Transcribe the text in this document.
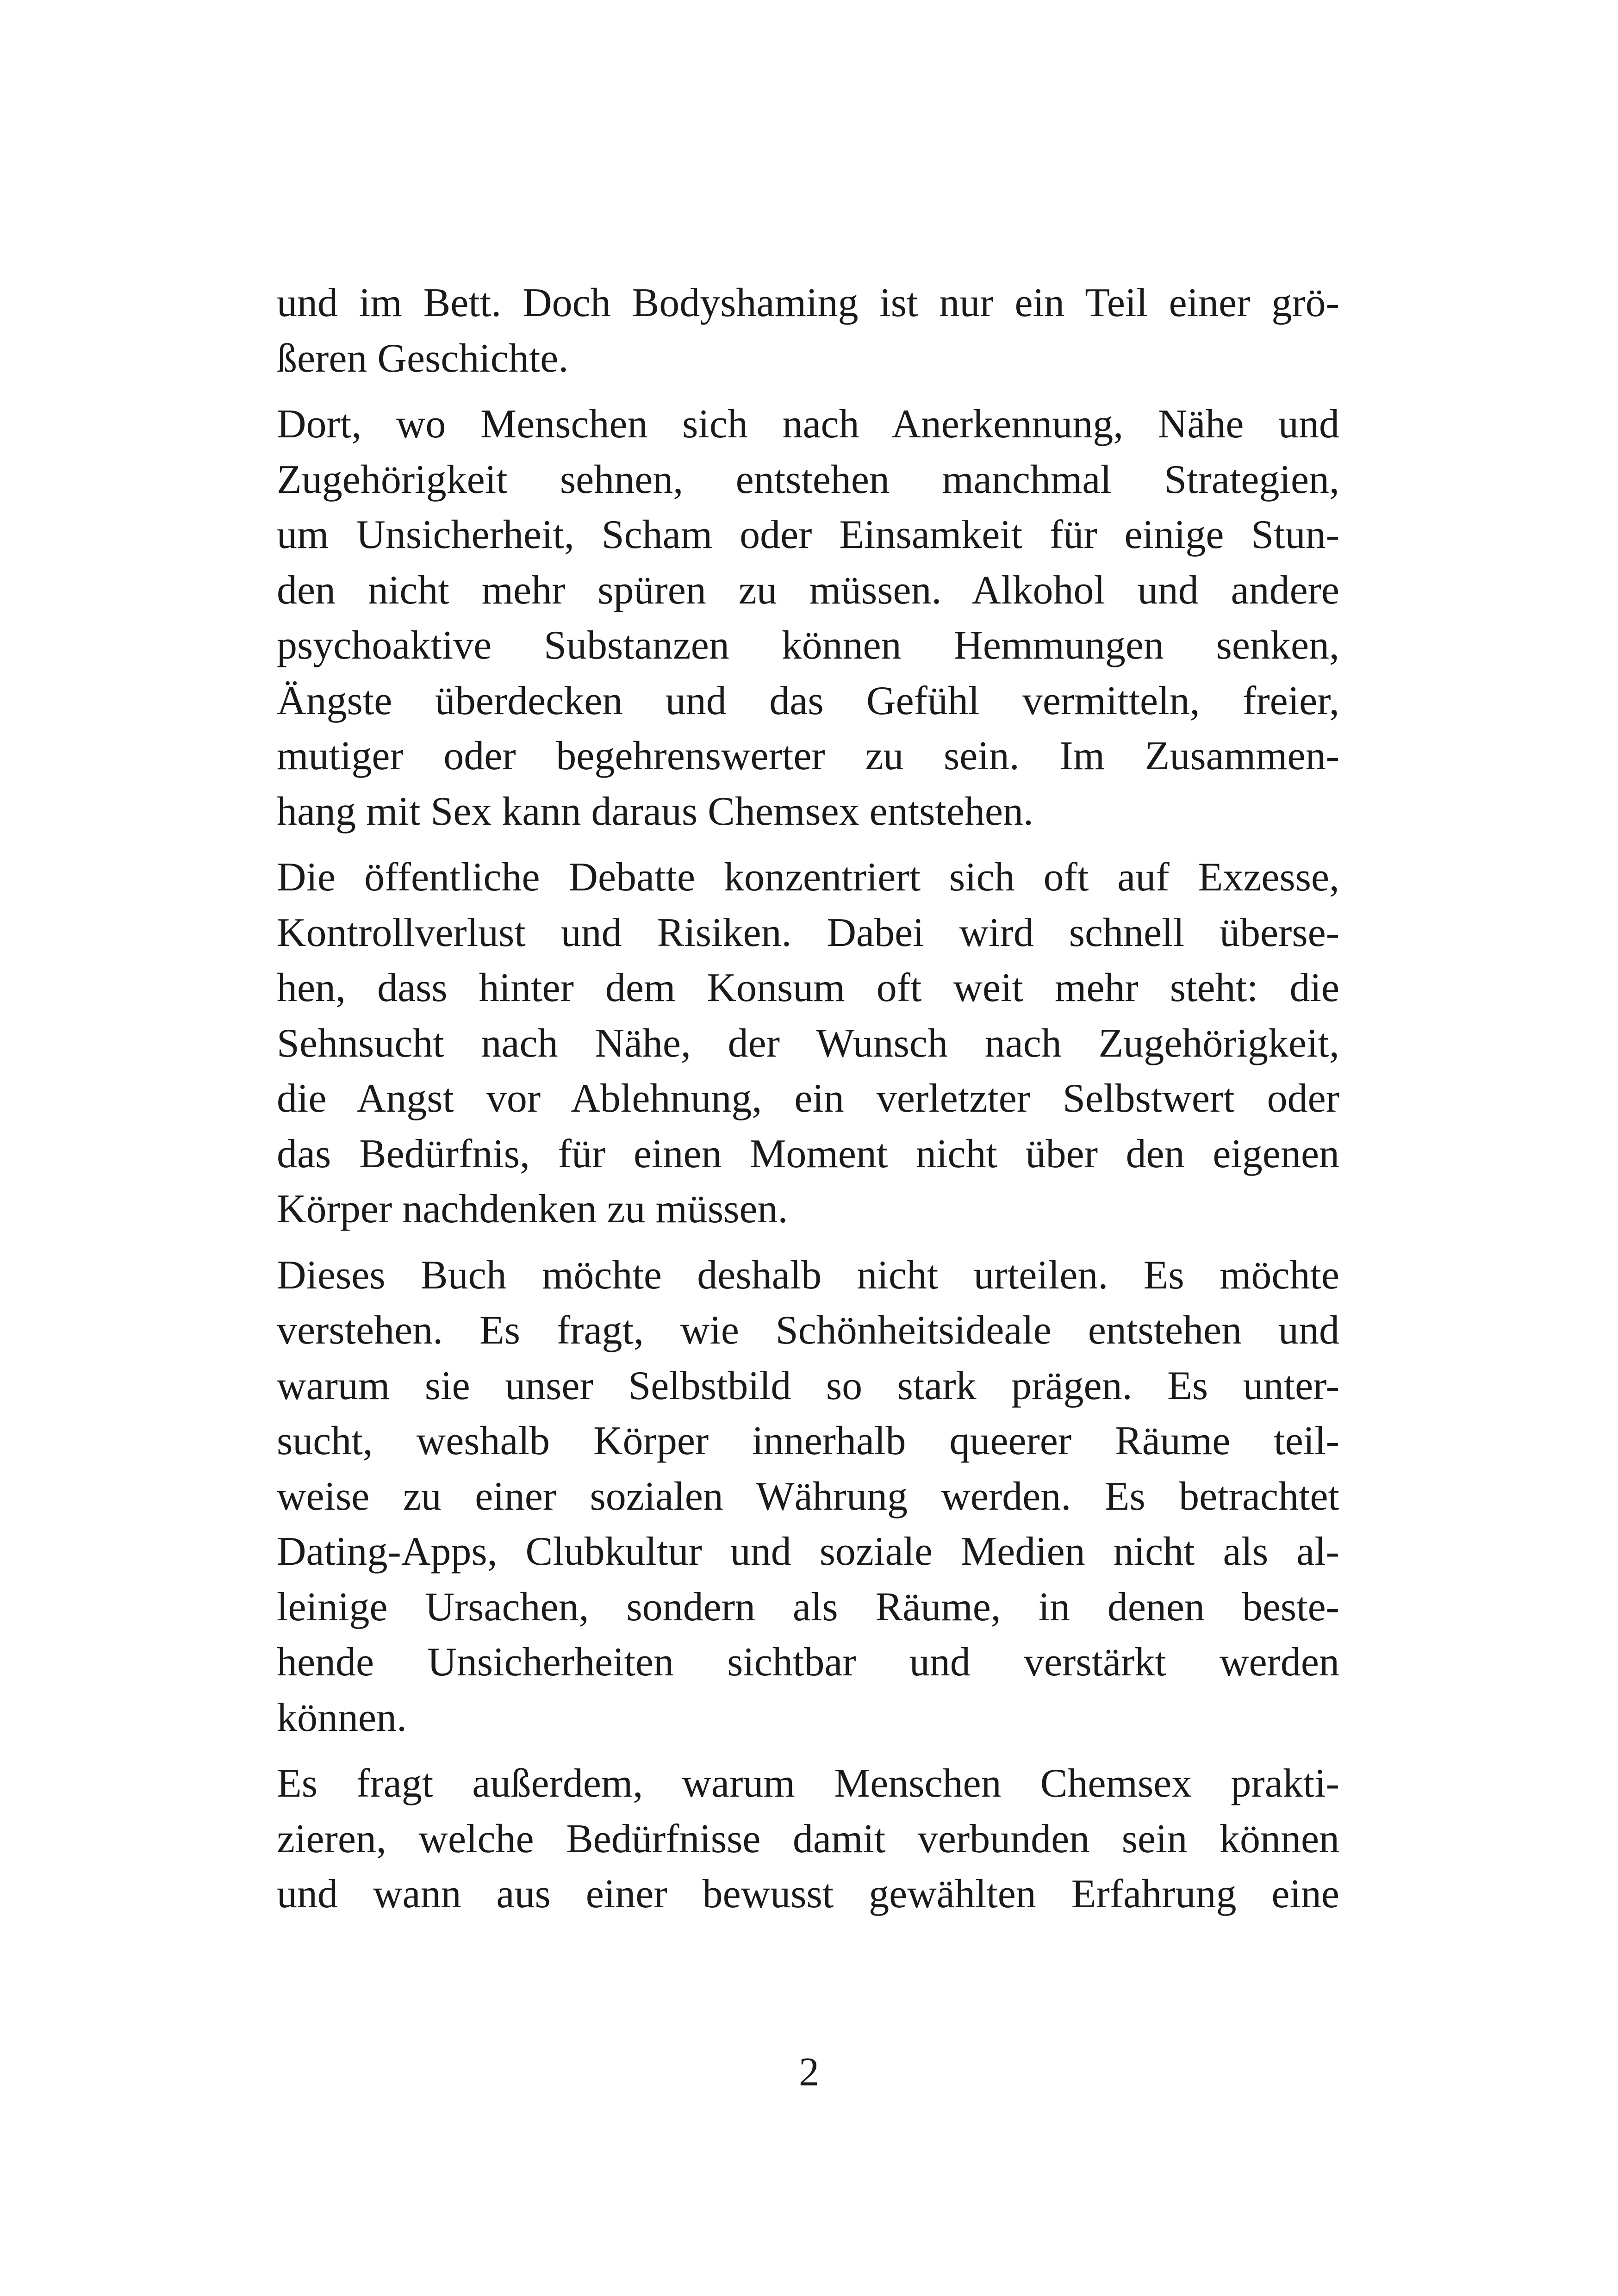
und im Bett. Doch Bodyshaming ist nur ein Teil einer grö-
ßeren Geschichte.
Dort, wo Menschen sich nach Anerkennung, Nähe und
Zugehörigkeit sehnen, entstehen manchmal Strategien,
um Unsicherheit, Scham oder Einsamkeit für einige Stun-
den nicht mehr spüren zu müssen. Alkohol und andere
psychoaktive Substanzen können Hemmungen senken,
Ängste überdecken und das Gefühl vermitteln, freier,
mutiger oder begehrenswerter zu sein. Im Zusammen-
hang mit Sex kann daraus Chemsex entstehen.
Die öffentliche Debatte konzentriert sich oft auf Exzesse,
Kontrollverlust und Risiken. Dabei wird schnell überse-
hen, dass hinter dem Konsum oft weit mehr steht: die
Sehnsucht nach Nähe, der Wunsch nach Zugehörigkeit,
die Angst vor Ablehnung, ein verletzter Selbstwert oder
das Bedürfnis, für einen Moment nicht über den eigenen
Körper nachdenken zu müssen.
Dieses Buch möchte deshalb nicht urteilen. Es möchte
verstehen. Es fragt, wie Schönheitsideale entstehen und
warum sie unser Selbstbild so stark prägen. Es unter-
sucht, weshalb Körper innerhalb queerer Räume teil-
weise zu einer sozialen Währung werden. Es betrachtet
Dating-Apps, Clubkultur und soziale Medien nicht als al-
leinige Ursachen, sondern als Räume, in denen beste-
hende Unsicherheiten sichtbar und verstärkt werden
können.
Es fragt außerdem, warum Menschen Chemsex prakti-
zieren, welche Bedürfnisse damit verbunden sein können
und wann aus einer bewusst gewählten Erfahrung eine
2
